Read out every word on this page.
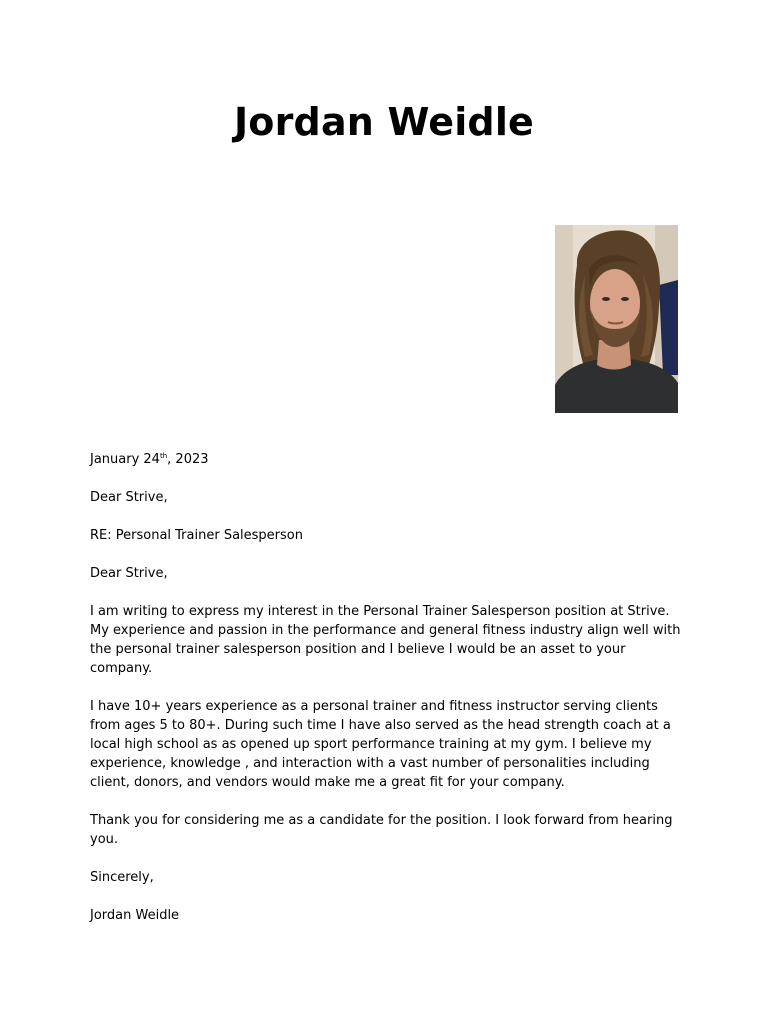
Jordan Weidle

January 24th, 2023

Dear Strive,

RE: Personal Trainer Salesperson

Dear Strive,

I am writing to express my interest in the Personal Trainer Salesperson position at Strive. My experience and passion in the performance and general fitness industry align well with the personal trainer salesperson position and I believe I would be an asset to your company.

I have 10+ years experience as a personal trainer and fitness instructor serving clients from ages 5 to 80+. During such time I have also served as the head strength coach at a local high school as as opened up sport performance training at my gym. I believe my experience, knowledge , and interaction with a vast number of personalities including client, donors, and vendors would make me a great fit for your company.

Thank you for considering me as a candidate for the position. I look forward from hearing you.

Sincerely,

Jordan Weidle
